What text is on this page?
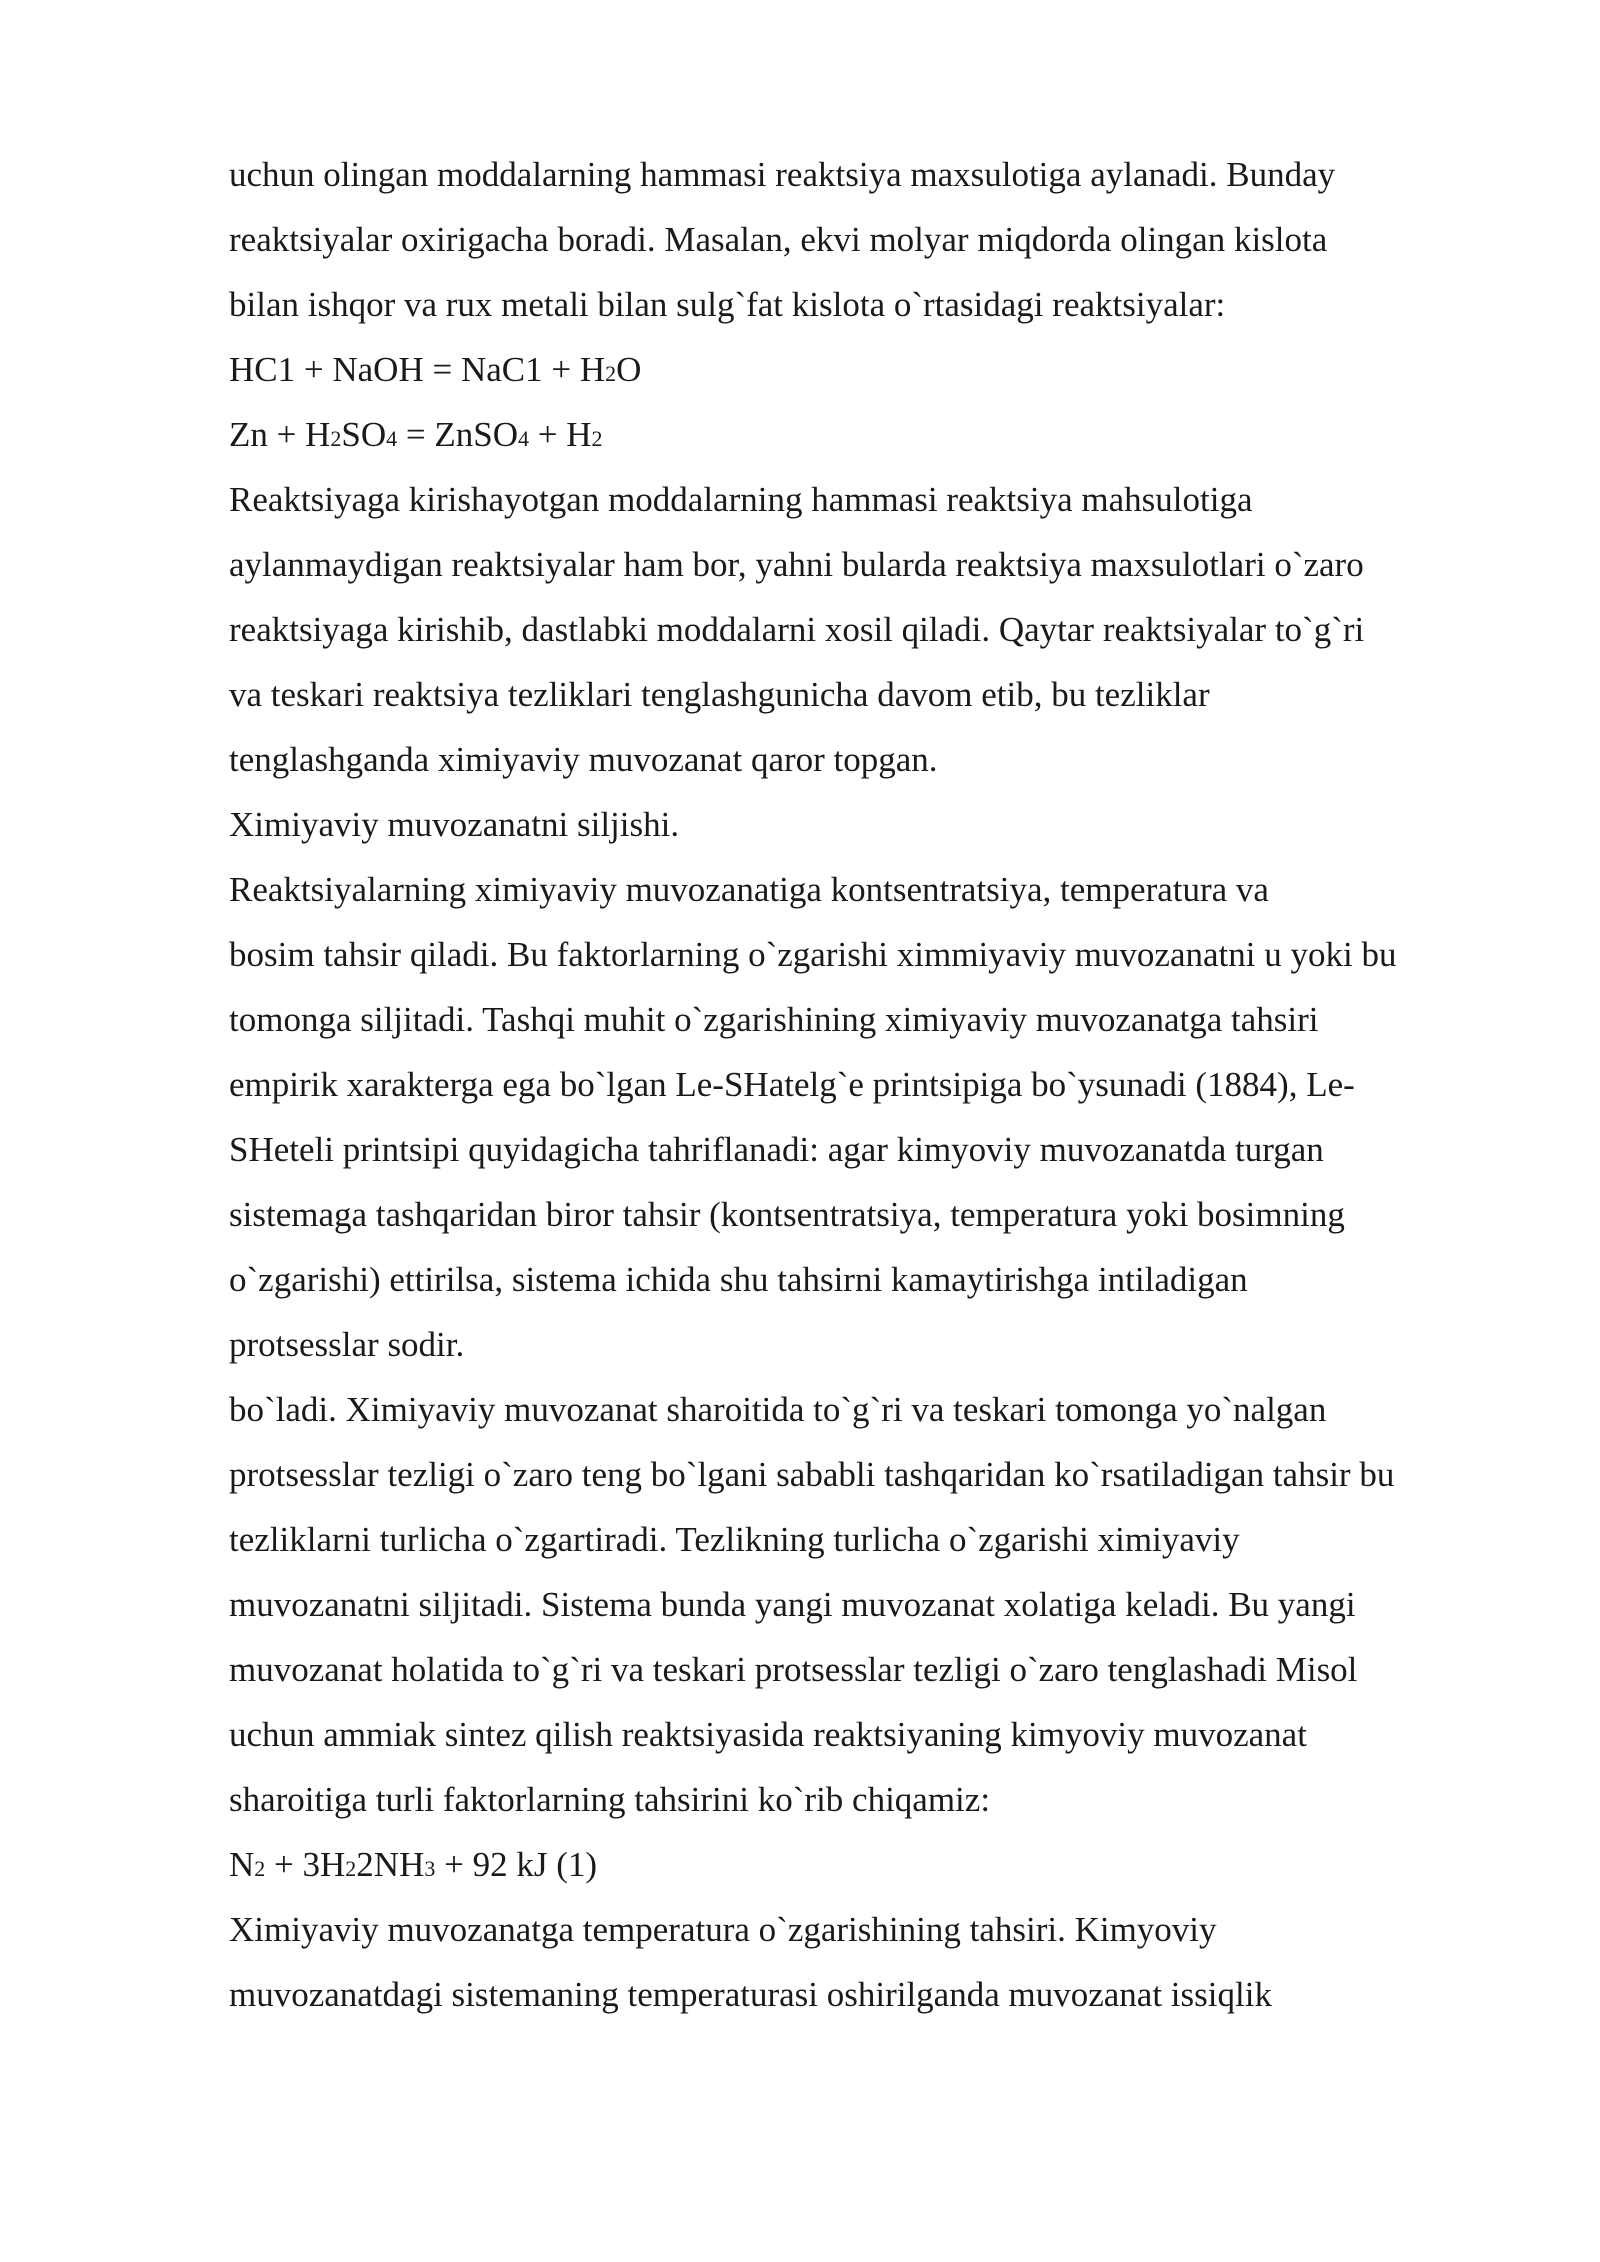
uchun olingan moddalarning hammasi reaktsiya maxsulotiga aylanadi. Bunday
reaktsiyalar oxirigacha boradi. Masalan, ekvi molyar miqdorda olingan kislota
bilan ishqor va rux metali bilan sulg`fat kislota o`rtasidagi reaktsiyalar:
HC1 + NaOH = NaC1 + H2O
Zn + H2SO4 = ZnSO4 + H2
Reaktsiyaga kirishayotgan moddalarning hammasi reaktsiya mahsulotiga
aylanmaydigan reaktsiyalar ham bor, yahni bularda reaktsiya maxsulotlari o`zaro
reaktsiyaga kirishib, dastlabki moddalarni xosil qiladi. Qaytar reaktsiyalar to`g`ri
va teskari reaktsiya tezliklari tenglashgunicha davom etib, bu tezliklar
tenglashganda ximiyaviy muvozanat qaror topgan.
Ximiyaviy muvozanatni siljishi.
Reaktsiyalarning ximiyaviy muvozanatiga kontsentratsiya, temperatura va
bosim tahsir qiladi. Bu faktorlarning o`zgarishi ximmiyaviy muvozanatni u yoki bu
tomonga siljitadi. Tashqi muhit o`zgarishining ximiyaviy muvozanatga tahsiri
empirik xarakterga ega bo`lgan Le-SHatelg`e printsipiga bo`ysunadi (1884), Le-
SHeteli printsipi quyidagicha tahriflanadi: agar kimyoviy muvozanatda turgan
sistemaga tashqaridan biror tahsir (kontsentratsiya, temperatura yoki bosimning
o`zgarishi) ettirilsa, sistema ichida shu tahsirni kamaytirishga intiladigan
protsesslar sodir.
bo`ladi. Ximiyaviy muvozanat sharoitida to`g`ri va teskari tomonga yo`nalgan
protsesslar tezligi o`zaro teng bo`lgani sababli tashqaridan ko`rsatiladigan tahsir bu
tezliklarni turlicha o`zgartiradi. Tezlikning turlicha o`zgarishi ximiyaviy
muvozanatni siljitadi. Sistema bunda yangi muvozanat xolatiga keladi. Bu yangi
muvozanat holatida to`g`ri va teskari protsesslar tezligi o`zaro tenglashadi Misol
uchun ammiak sintez qilish reaktsiyasida reaktsiyaning kimyoviy muvozanat
sharoitiga turli faktorlarning tahsirini ko`rib chiqamiz:
N2 + 3H22NH3 + 92 kJ (1)
Ximiyaviy muvozanatga temperatura o`zgarishining tahsiri. Kimyoviy
muvozanatdagi sistemaning temperaturasi oshirilganda muvozanat issiqlik
